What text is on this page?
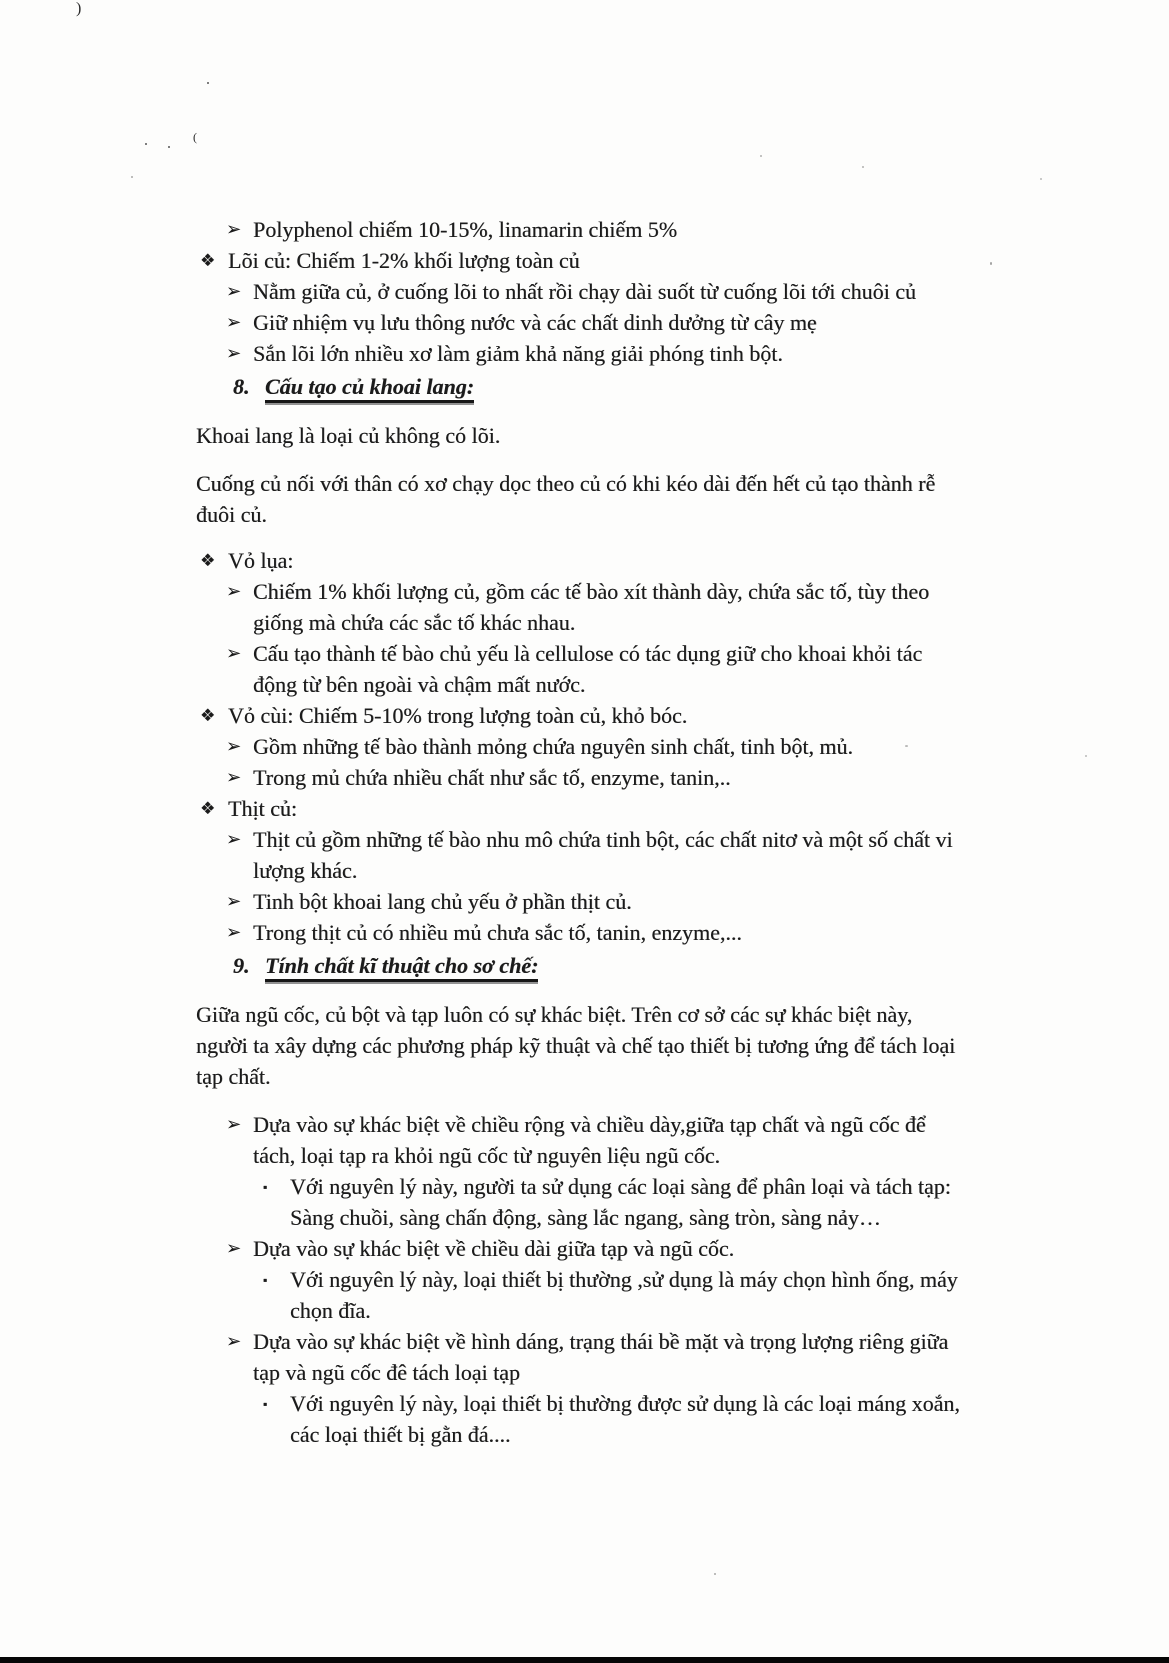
)
(
➢ Polyphenol chiếm 10-15%, linamarin chiếm 5%
❖ Lõi củ: Chiếm 1-2% khối lượng toàn củ
➢ Nằm giữa củ, ở cuống lõi to nhất rồi chạy dài suốt từ cuống lõi tới chuôi củ
➢ Giữ nhiệm vụ lưu thông nước và các chất dinh dưởng từ cây mẹ
➢ Sắn lõi lớn nhiều xơ làm giảm khả năng giải phóng tinh bột.
8. Cấu tạo củ khoai lang:
Khoai lang là loại củ không có lõi.
Cuống củ nối với thân có xơ chạy dọc theo củ có khi kéo dài đến hết củ tạo thành rễ
đuôi củ.
❖ Vỏ lụa:
➢ Chiếm 1% khối lượng củ, gồm các tế bào xít thành dày, chứa sắc tố, tùy theo
giống mà chứa các sắc tố khác nhau.
➢ Cấu tạo thành tế bào chủ yếu là cellulose có tác dụng giữ cho khoai khỏi tác
động từ bên ngoài và chậm mất nước.
❖ Vỏ cùi: Chiếm 5-10% trong lượng toàn củ, khỏ bóc.
➢ Gồm những tế bào thành mỏng chứa nguyên sinh chất, tinh bột, mủ.
➢ Trong mủ chứa nhiều chất như sắc tố, enzyme, tanin,..
❖ Thịt củ:
➢ Thịt củ gồm những tế bào nhu mô chứa tinh bột, các chất nitơ và một số chất vi
lượng khác.
➢ Tinh bột khoai lang chủ yếu ở phần thịt củ.
➢ Trong thịt củ có nhiều mủ chưa sắc tố, tanin, enzyme,...
9. Tính chất kĩ thuật cho sơ chế:
Giữa ngũ cốc, củ bột và tạp luôn có sự khác biệt. Trên cơ sở các sự khác biệt này,
người ta xây dựng các phương pháp kỹ thuật và chế tạo thiết bị tương ứng để tách loại
tạp chất.
➢ Dựa vào sự khác biệt về chiều rộng và chiều dày,giữa tạp chất và ngũ cốc để
tách, loại tạp ra khỏi ngũ cốc từ nguyên liệu ngũ cốc.
▪ Với nguyên lý này, người ta sử dụng các loại sàng để phân loại và tách tạp:
Sàng chuồi, sàng chấn động, sàng lắc ngang, sàng tròn, sàng nảy…
➢ Dựa vào sự khác biệt về chiều dài giữa tạp và ngũ cốc.
▪ Với nguyên lý này, loại thiết bị thường ,sử dụng là máy chọn hình ống, máy
chọn đĩa.
➢ Dựa vào sự khác biệt về hình dáng, trạng thái bề mặt và trọng lượng riêng giữa
tạp và ngũ cốc đê tách loại tạp
▪ Với nguyên lý này, loại thiết bị thường được sử dụng là các loại máng xoắn,
các loại thiết bị gằn đá....
